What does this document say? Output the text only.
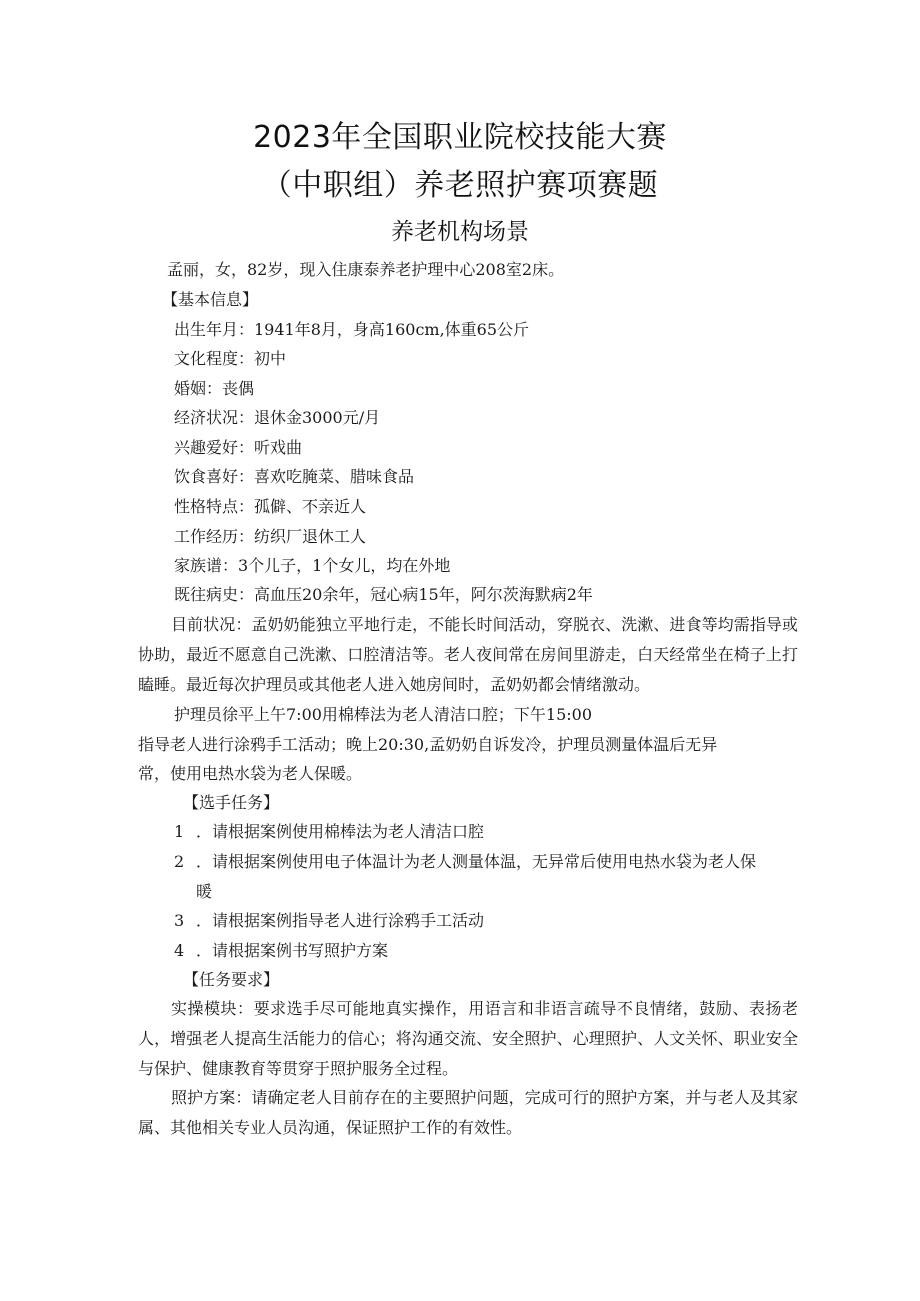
2023年全国职业院校技能大赛
（中职组）养老照护赛项赛题
养老机构场景
孟丽，女，82岁，现入住康泰养老护理中心208室2床。
【基本信息】
出生年月：1941年8月，身高160cm,体重65公斤
文化程度：初中
婚姻：丧偶
经济状况：退休金3000元/月
兴趣爱好：听戏曲
饮食喜好：喜欢吃腌菜、腊味食品
性格特点：孤僻、不亲近人
工作经历：纺织厂退休工人
家族谱：3个儿子，1个女儿，均在外地
既往病史：高血压20余年，冠心病15年，阿尔茨海默病2年
目前状况：孟奶奶能独立平地行走，不能长时间活动，穿脱衣、洗漱、进食等均需指导或协助，最近不愿意自己洗漱、口腔清洁等。老人夜间常在房间里游走，白天经常坐在椅子上打瞌睡。最近每次护理员或其他老人进入她房间时，孟奶奶都会情绪激动。
护理员徐平上午7:00用棉棒法为老人清洁口腔；下午15:00
指导老人进行涂鸦手工活动；晚上20:30,孟奶奶自诉发冷，护理员测量体温后无异
常，使用电热水袋为老人保暖。
【选手任务】
1 ．请根据案例使用棉棒法为老人清洁口腔
2 ．请根据案例使用电子体温计为老人测量体温，无异常后使用电热水袋为老人保
暖
3 ．请根据案例指导老人进行涂鸦手工活动
4 ．请根据案例书写照护方案
【任务要求】
实操模块：要求选手尽可能地真实操作，用语言和非语言疏导不良情绪，鼓励、表扬老人，增强老人提高生活能力的信心；将沟通交流、安全照护、心理照护、人文关怀、职业安全与保护、健康教育等贯穿于照护服务全过程。
照护方案：请确定老人目前存在的主要照护问题，完成可行的照护方案，并与老人及其家属、其他相关专业人员沟通，保证照护工作的有效性。
